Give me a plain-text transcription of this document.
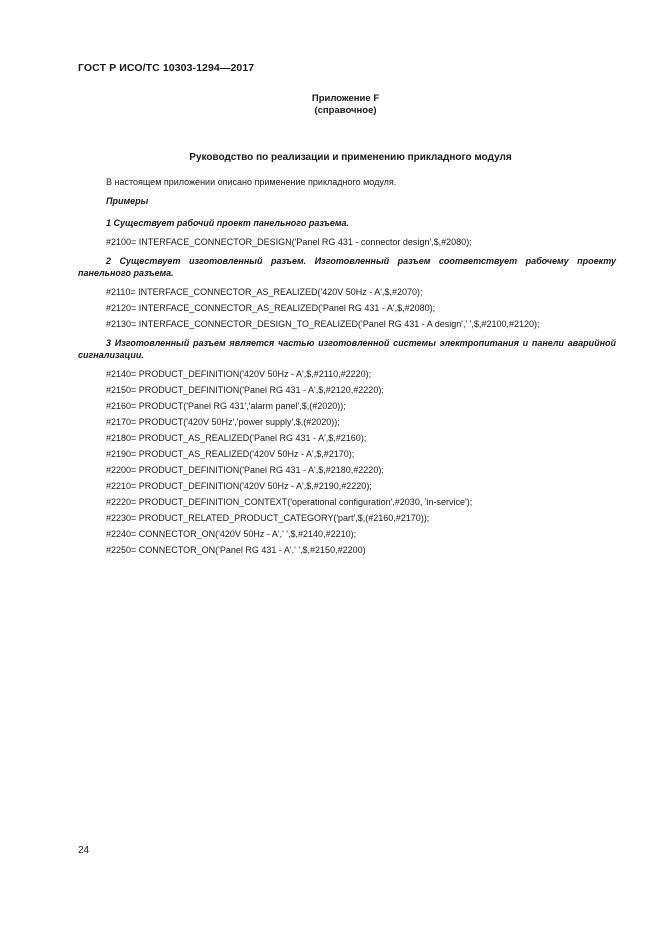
ГОСТ Р ИСО/ТС 10303-1294—2017
Приложение F
(справочное)
Руководство по реализации и применению прикладного модуля

В настоящем приложении описано применение прикладного модуля.

Примеры

1 Существует рабочий проект панельного разъема.

#2100= INTERFACE_CONNECTOR_DESIGN('Panel RG 431 - connector design',$,#2080);

2 Существует изготовленный разъем. Изготовленный разъем соответствует рабочему проекту панельного разъема.

#2110= INTERFACE_CONNECTOR_AS_REALIZED('420V 50Hz - A',$,#2070);

#2120= INTERFACE_CONNECTOR_AS_REALIZED('Panel RG 431 - A',$,#2080);

#2130= INTERFACE_CONNECTOR_DESIGN_TO_REALIZED('Panel RG 431 - A design',' ',$,#2100,#2120);

3 Изготовленный разъем является частью изготовленной системы электропитания и панели аварийной сигнализации.

#2140= PRODUCT_DEFINITION('420V 50Hz - A',$,#2110,#2220);

#2150= PRODUCT_DEFINITION('Panel RG 431 - A',$,#2120,#2220);

#2160= PRODUCT('Panel RG 431','alarm panel',$,(#2020));

#2170= PRODUCT('420V 50Hz','power supply',$,(#2020));

#2180= PRODUCT_AS_REALIZED('Panel RG 431 - A',$,#2160);

#2190= PRODUCT_AS_REALIZED('420V 50Hz - A',$,#2170);

#2200= PRODUCT_DEFINITION('Panel RG 431 - A',$,#2180,#2220);

#2210= PRODUCT_DEFINITION('420V 50Hz - A',$,#2190,#2220);

#2220= PRODUCT_DEFINITION_CONTEXT('operational configuration',#2030, 'in-service');

#2230= PRODUCT_RELATED_PRODUCT_CATEGORY('part',$,(#2160,#2170));

#2240= CONNECTOR_ON('420V 50Hz - A',' ',$,#2140,#2210);

#2250= CONNECTOR_ON('Panel RG 431 - A',' ',$,#2150,#2200)

24
